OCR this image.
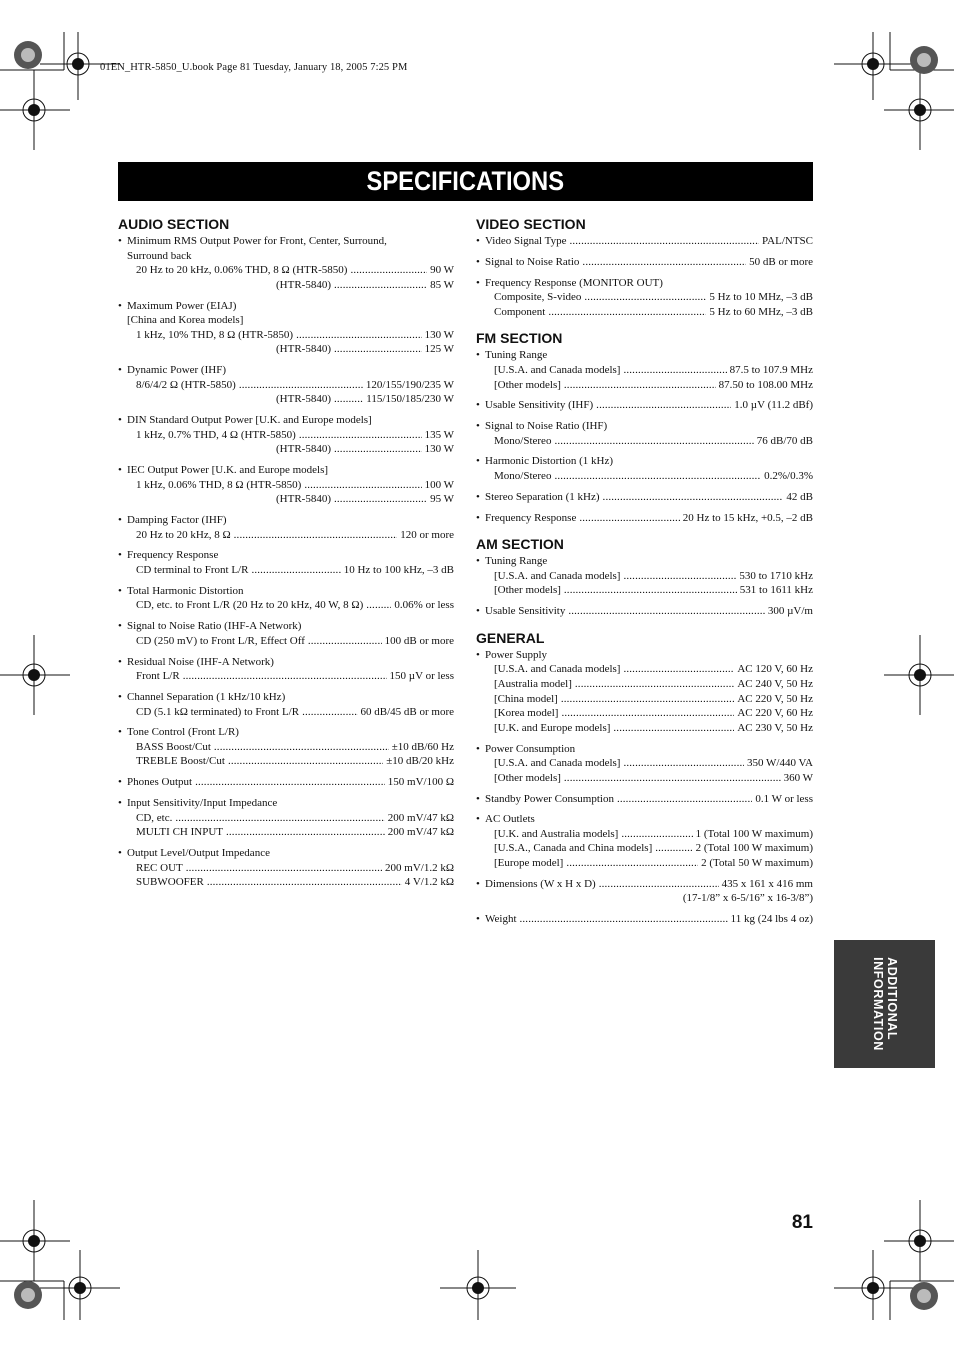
01EN_HTR-5850_U.book Page 81 Tuesday, January 18, 2005 7:25 PM
SPECIFICATIONS
AUDIO SECTION
• Minimum RMS Output Power for Front, Center, Surround,
Surround back
20 Hz to 20 kHz, 0.06% THD, 8 Ω (HTR-5850) . . .	90 W
(HTR-5840) . . .	85 W
• Maximum Power (EIAJ)
[China and Korea models]
1 kHz, 10% THD, 8 Ω (HTR-5850) . . .	130 W
(HTR-5840) . . .	125 W
• Dynamic Power (IHF)
8/6/4/2 Ω (HTR-5850) . . .	120/155/190/235 W
(HTR-5840) . . .	115/150/185/230 W
• DIN Standard Output Power [U.K. and Europe models]
1 kHz, 0.7% THD, 4 Ω (HTR-5850) . . .	135 W
(HTR-5840) . . .	130 W
• IEC Output Power [U.K. and Europe models]
1 kHz, 0.06% THD, 8 Ω (HTR-5850) . . .	100 W
(HTR-5840) . . .	95 W
• Damping Factor (IHF)
20 Hz to 20 kHz, 8 Ω . . .	120 or more
• Frequency Response
CD terminal to Front L/R . . .	10 Hz to 100 kHz, –3 dB
• Total Harmonic Distortion
CD, etc. to Front L/R (20 Hz to 20 kHz, 40 W, 8 Ω) . . .	0.06% or less
• Signal to Noise Ratio (IHF-A Network)
CD (250 mV) to Front L/R, Effect Off . . .	100 dB or more
• Residual Noise (IHF-A Network)
Front L/R . . .	150 µV or less
• Channel Separation (1 kHz/10 kHz)
CD (5.1 kΩ terminated) to Front L/R . . .	60 dB/45 dB or more
• Tone Control (Front L/R)
BASS Boost/Cut . . .	±10 dB/60 Hz
TREBLE Boost/Cut . . .	±10 dB/20 kHz
• Phones Output . . .	150 mV/100 Ω
• Input Sensitivity/Input Impedance
CD, etc. . . .	200 mV/47 kΩ
MULTI CH INPUT . . .	200 mV/47 kΩ
• Output Level/Output Impedance
REC OUT . . .	200 mV/1.2 kΩ
SUBWOOFER . . .	4 V/1.2 kΩ
VIDEO SECTION
• Video Signal Type . . .	PAL/NTSC
• Signal to Noise Ratio . . .	50 dB or more
• Frequency Response (MONITOR OUT)
Composite, S-video . . .	5 Hz to 10 MHz, –3 dB
Component . . .	5 Hz to 60 MHz, –3 dB
FM SECTION
• Tuning Range
[U.S.A. and Canada models] . . .	87.5 to 107.9 MHz
[Other models] . . .	87.50 to 108.00 MHz
• Usable Sensitivity (IHF) . . .	1.0 µV (11.2 dBf)
• Signal to Noise Ratio (IHF)
Mono/Stereo . . .	76 dB/70 dB
• Harmonic Distortion (1 kHz)
Mono/Stereo . . .	0.2%/0.3%
• Stereo Separation (1 kHz) . . .	42 dB
• Frequency Response . . .	20 Hz to 15 kHz, +0.5, –2 dB
AM SECTION
• Tuning Range
[U.S.A. and Canada models] . . .	530 to 1710 kHz
[Other models] . . .	531 to 1611 kHz
• Usable Sensitivity . . .	300 µV/m
GENERAL
• Power Supply
[U.S.A. and Canada models] . . .	AC 120 V, 60 Hz
[Australia model] . . .	AC 240 V, 50 Hz
[China model] . . .	AC 220 V, 50 Hz
[Korea model] . . .	AC 220 V, 60 Hz
[U.K. and Europe models] . . .	AC 230 V, 50 Hz
• Power Consumption
[U.S.A. and Canada models] . . .	350 W/440 VA
[Other models] . . .	360 W
• Standby Power Consumption . . .	0.1 W or less
• AC Outlets
[U.K. and Australia models] . . .	1 (Total 100 W maximum)
[U.S.A., Canada and China models] . . .	2 (Total 100 W maximum)
[Europe model] . . .	2 (Total 50 W maximum)
• Dimensions (W x H x D) . . .	435 x 161 x 416 mm
(17-1/8” x 6-5/16” x 16-3/8”)
• Weight . . .	11 kg (24 lbs 4 oz)
ADDITIONAL
INFORMATION
81
